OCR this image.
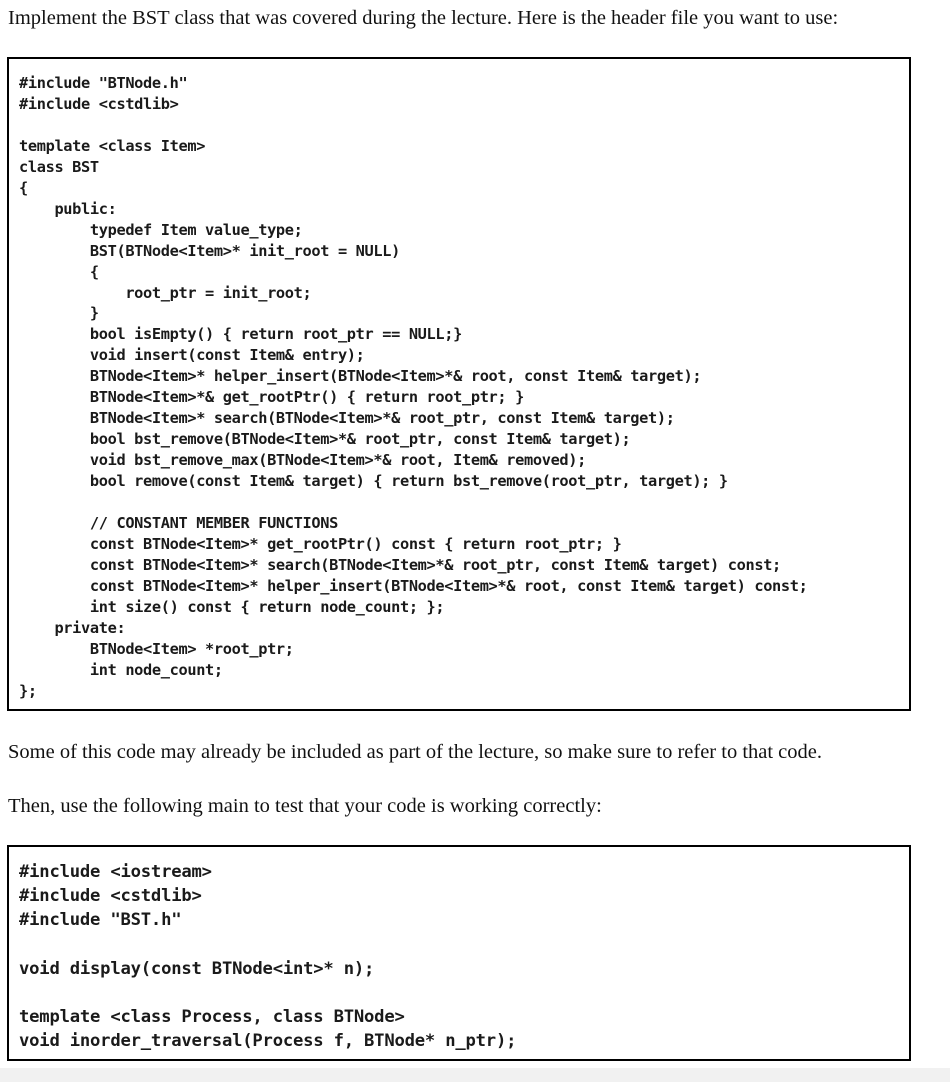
Implement the BST class that was covered during the lecture. Here is the header file you want to use:

#include "BTNode.h"
#include <cstdlib>

template <class Item>
class BST
{
public:
typedef Item value_type;
BST(BTNode<Item>* init_root = NULL)
{
root_ptr = init_root;
}
bool isEmpty() { return root_ptr == NULL;}
void insert(const Item& entry);
BTNode<Item>* helper_insert(BTNode<Item>*& root, const Item& target);
BTNode<Item>*& get_rootPtr() { return root_ptr; }
BTNode<Item>* search(BTNode<Item>*& root_ptr, const Item& target);
bool bst_remove(BTNode<Item>*& root_ptr, const Item& target);
void bst_remove_max(BTNode<Item>*& root, Item& removed);
bool remove(const Item& target) { return bst_remove(root_ptr, target); }

// CONSTANT MEMBER FUNCTIONS
const BTNode<Item>* get_rootPtr() const { return root_ptr; }
const BTNode<Item>* search(BTNode<Item>*& root_ptr, const Item& target) const;
const BTNode<Item>* helper_insert(BTNode<Item>*& root, const Item& target) const;
int size() const { return node_count; };
private:
BTNode<Item> *root_ptr;
int node_count;
};

Some of this code may already be included as part of the lecture, so make sure to refer to that code.

Then, use the following main to test that your code is working correctly:

#include <iostream>
#include <cstdlib>
#include "BST.h"

void display(const BTNode<int>* n);

template <class Process, class BTNode>
void inorder_traversal(Process f, BTNode* n_ptr);
